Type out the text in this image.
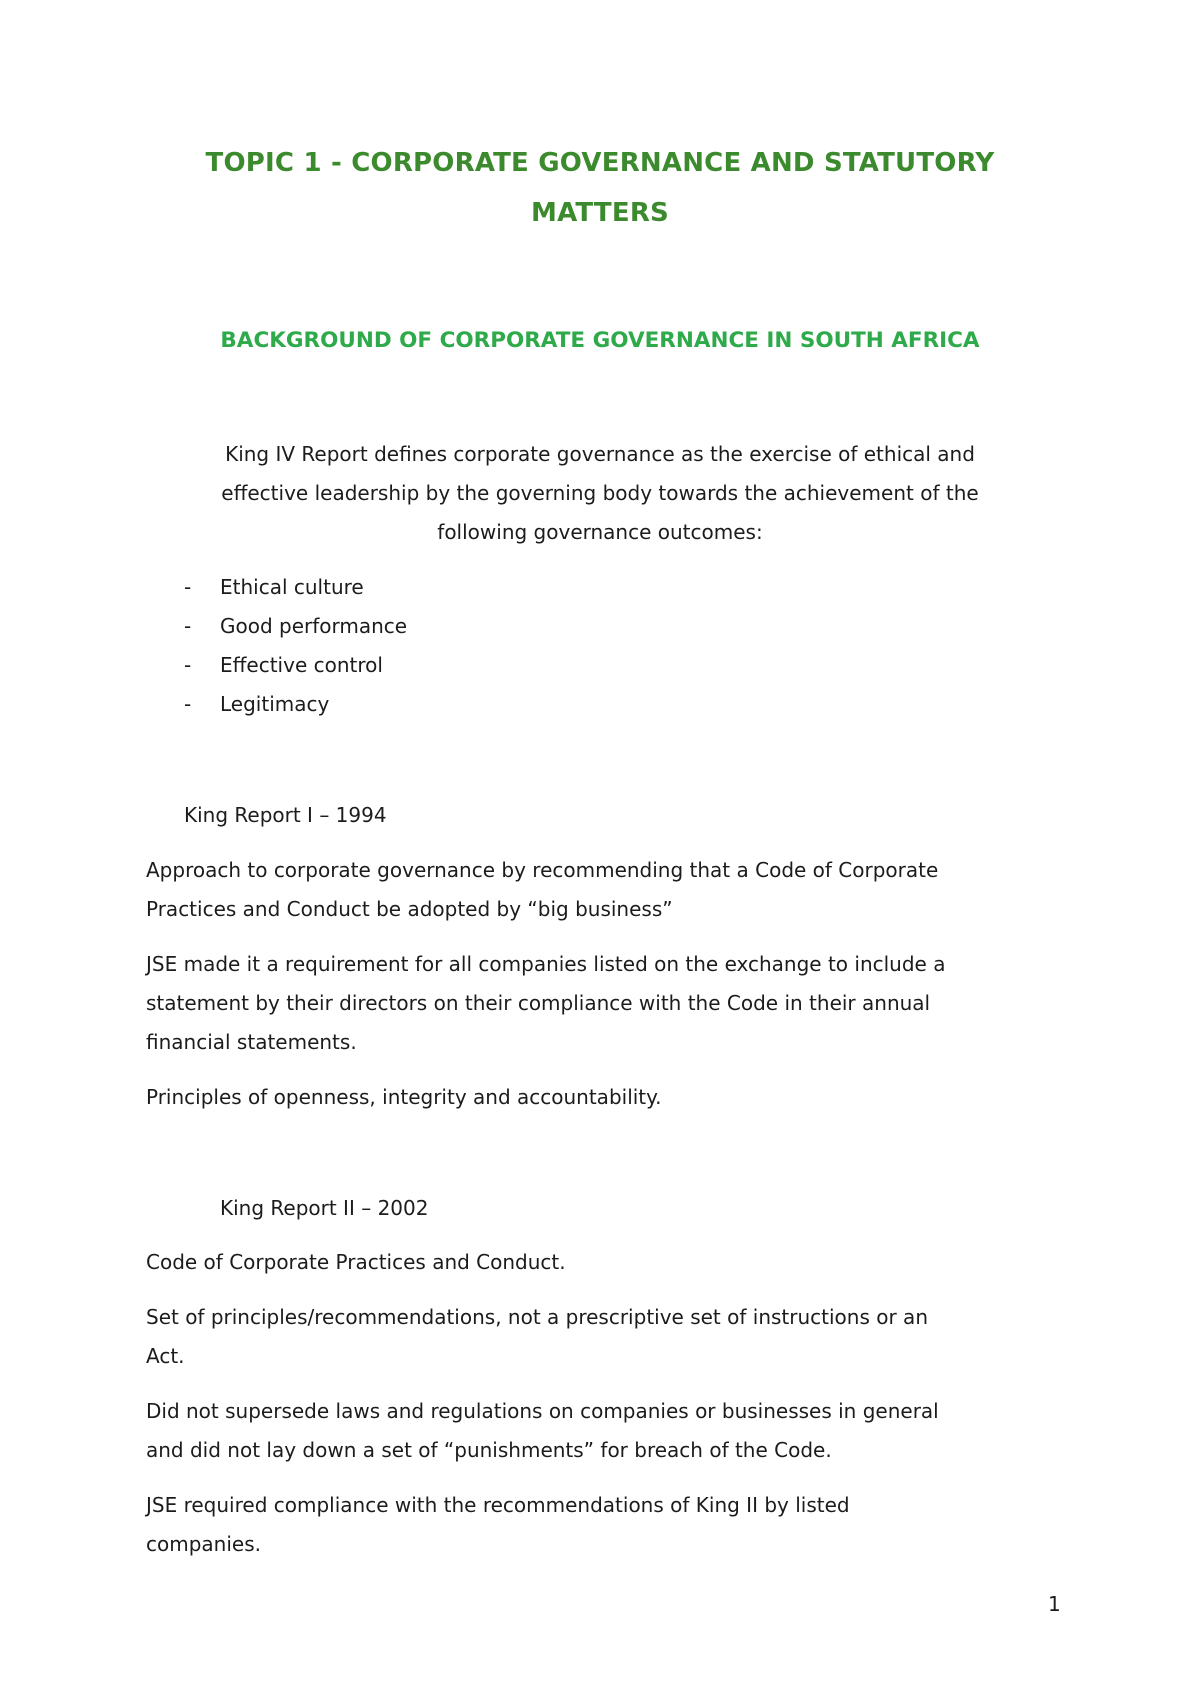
TOPIC 1 - CORPORATE GOVERNANCE AND STATUTORY

MATTERS

BACKGROUND OF CORPORATE GOVERNANCE IN SOUTH AFRICA

King IV Report defines corporate governance as the exercise of ethical and

effective leadership by the governing body towards the achievement of the

following governance outcomes:

- Ethical culture

- Good performance

- Effective control

- Legitimacy

King Report I – 1994

Approach to corporate governance by recommending that a Code of Corporate

Practices and Conduct be adopted by “big business”

JSE made it a requirement for all companies listed on the exchange to include a

statement by their directors on their compliance with the Code in their annual

financial statements.

Principles of openness, integrity and accountability.

King Report II – 2002

Code of Corporate Practices and Conduct.

Set of principles/recommendations, not a prescriptive set of instructions or an

Act.

Did not supersede laws and regulations on companies or businesses in general

and did not lay down a set of “punishments” for breach of the Code.

JSE required compliance with the recommendations of King II by listed

companies.

1
